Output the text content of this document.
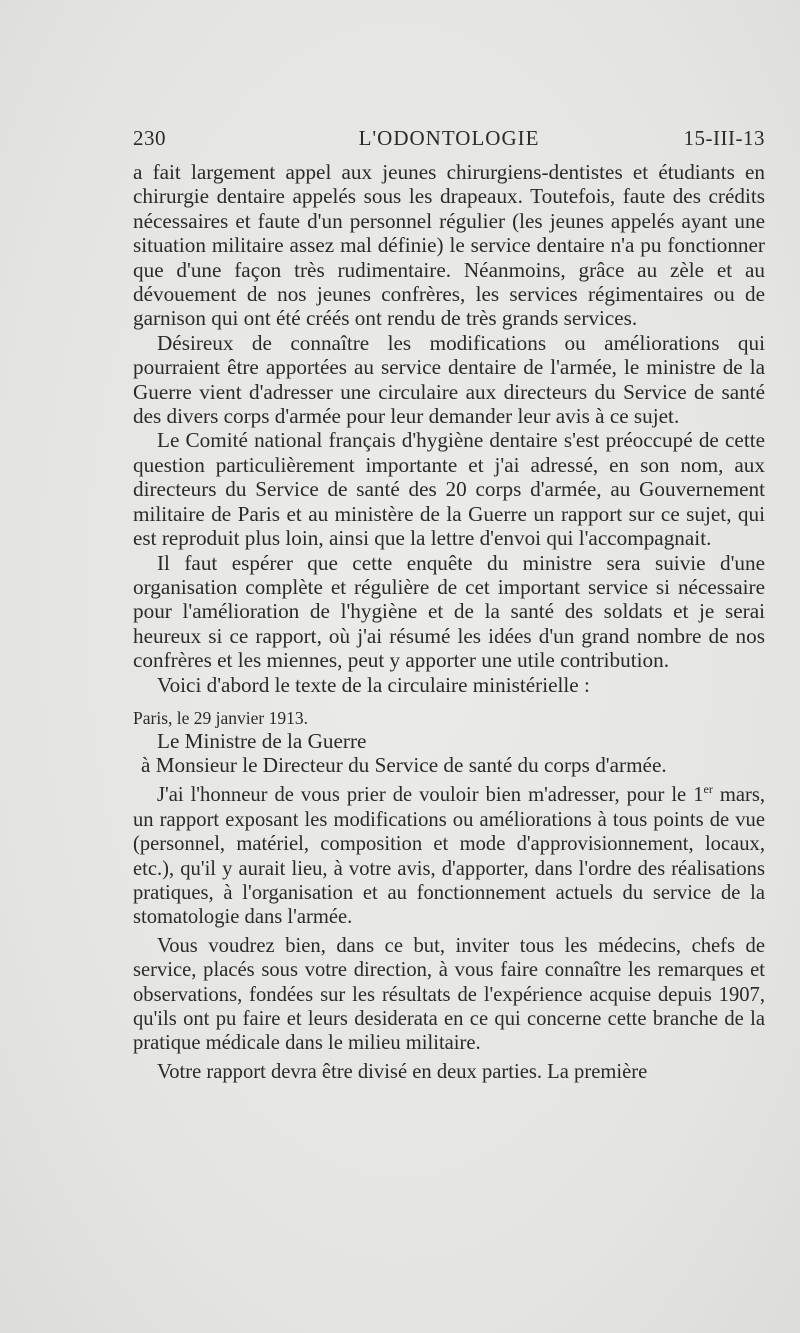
230	L'ODONTOLOGIE	15-III-13

a fait largement appel aux jeunes chirurgiens-dentistes et étudiants en chirurgie dentaire appelés sous les drapeaux. Toutefois, faute des crédits nécessaires et faute d'un personnel régulier (les jeunes appelés ayant une situation militaire assez mal définie) le service dentaire n'a pu fonctionner que d'une façon très rudimentaire. Néanmoins, grâce au zèle et au dévouement de nos jeunes confrères, les services régimentaires ou de garnison qui ont été créés ont rendu de très grands services.

Désireux de connaître les modifications ou améliorations qui pourraient être apportées au service dentaire de l'armée, le ministre de la Guerre vient d'adresser une circulaire aux directeurs du Service de santé des divers corps d'armée pour leur demander leur avis à ce sujet.

Le Comité national français d'hygiène dentaire s'est préoccupé de cette question particulièrement importante et j'ai adressé, en son nom, aux directeurs du Service de santé des 20 corps d'armée, au Gouvernement militaire de Paris et au ministère de la Guerre un rapport sur ce sujet, qui est reproduit plus loin, ainsi que la lettre d'envoi qui l'accompagnait.

Il faut espérer que cette enquête du ministre sera suivie d'une organisation complète et régulière de cet important service si nécessaire pour l'amélioration de l'hygiène et de la santé des soldats et je serai heureux si ce rapport, où j'ai résumé les idées d'un grand nombre de nos confrères et les miennes, peut y apporter une utile contribution.

Voici d'abord le texte de la circulaire ministérielle :

Paris, le 29 janvier 1913.

Le Ministre de la Guerre

à Monsieur le Directeur du Service de santé du corps d'armée.

J'ai l'honneur de vous prier de vouloir bien m'adresser, pour le 1er mars, un rapport exposant les modifications ou améliorations à tous points de vue (personnel, matériel, composition et mode d'approvisionnement, locaux, etc.), qu'il y aurait lieu, à votre avis, d'apporter, dans l'ordre des réalisations pratiques, à l'organisation et au fonctionnement actuels du service de la stomatologie dans l'armée.

Vous voudrez bien, dans ce but, inviter tous les médecins, chefs de service, placés sous votre direction, à vous faire connaître les remarques et observations, fondées sur les résultats de l'expérience acquise depuis 1907, qu'ils ont pu faire et leurs desiderata en ce qui concerne cette branche de la pratique médicale dans le milieu militaire.

Votre rapport devra être divisé en deux parties. La première
